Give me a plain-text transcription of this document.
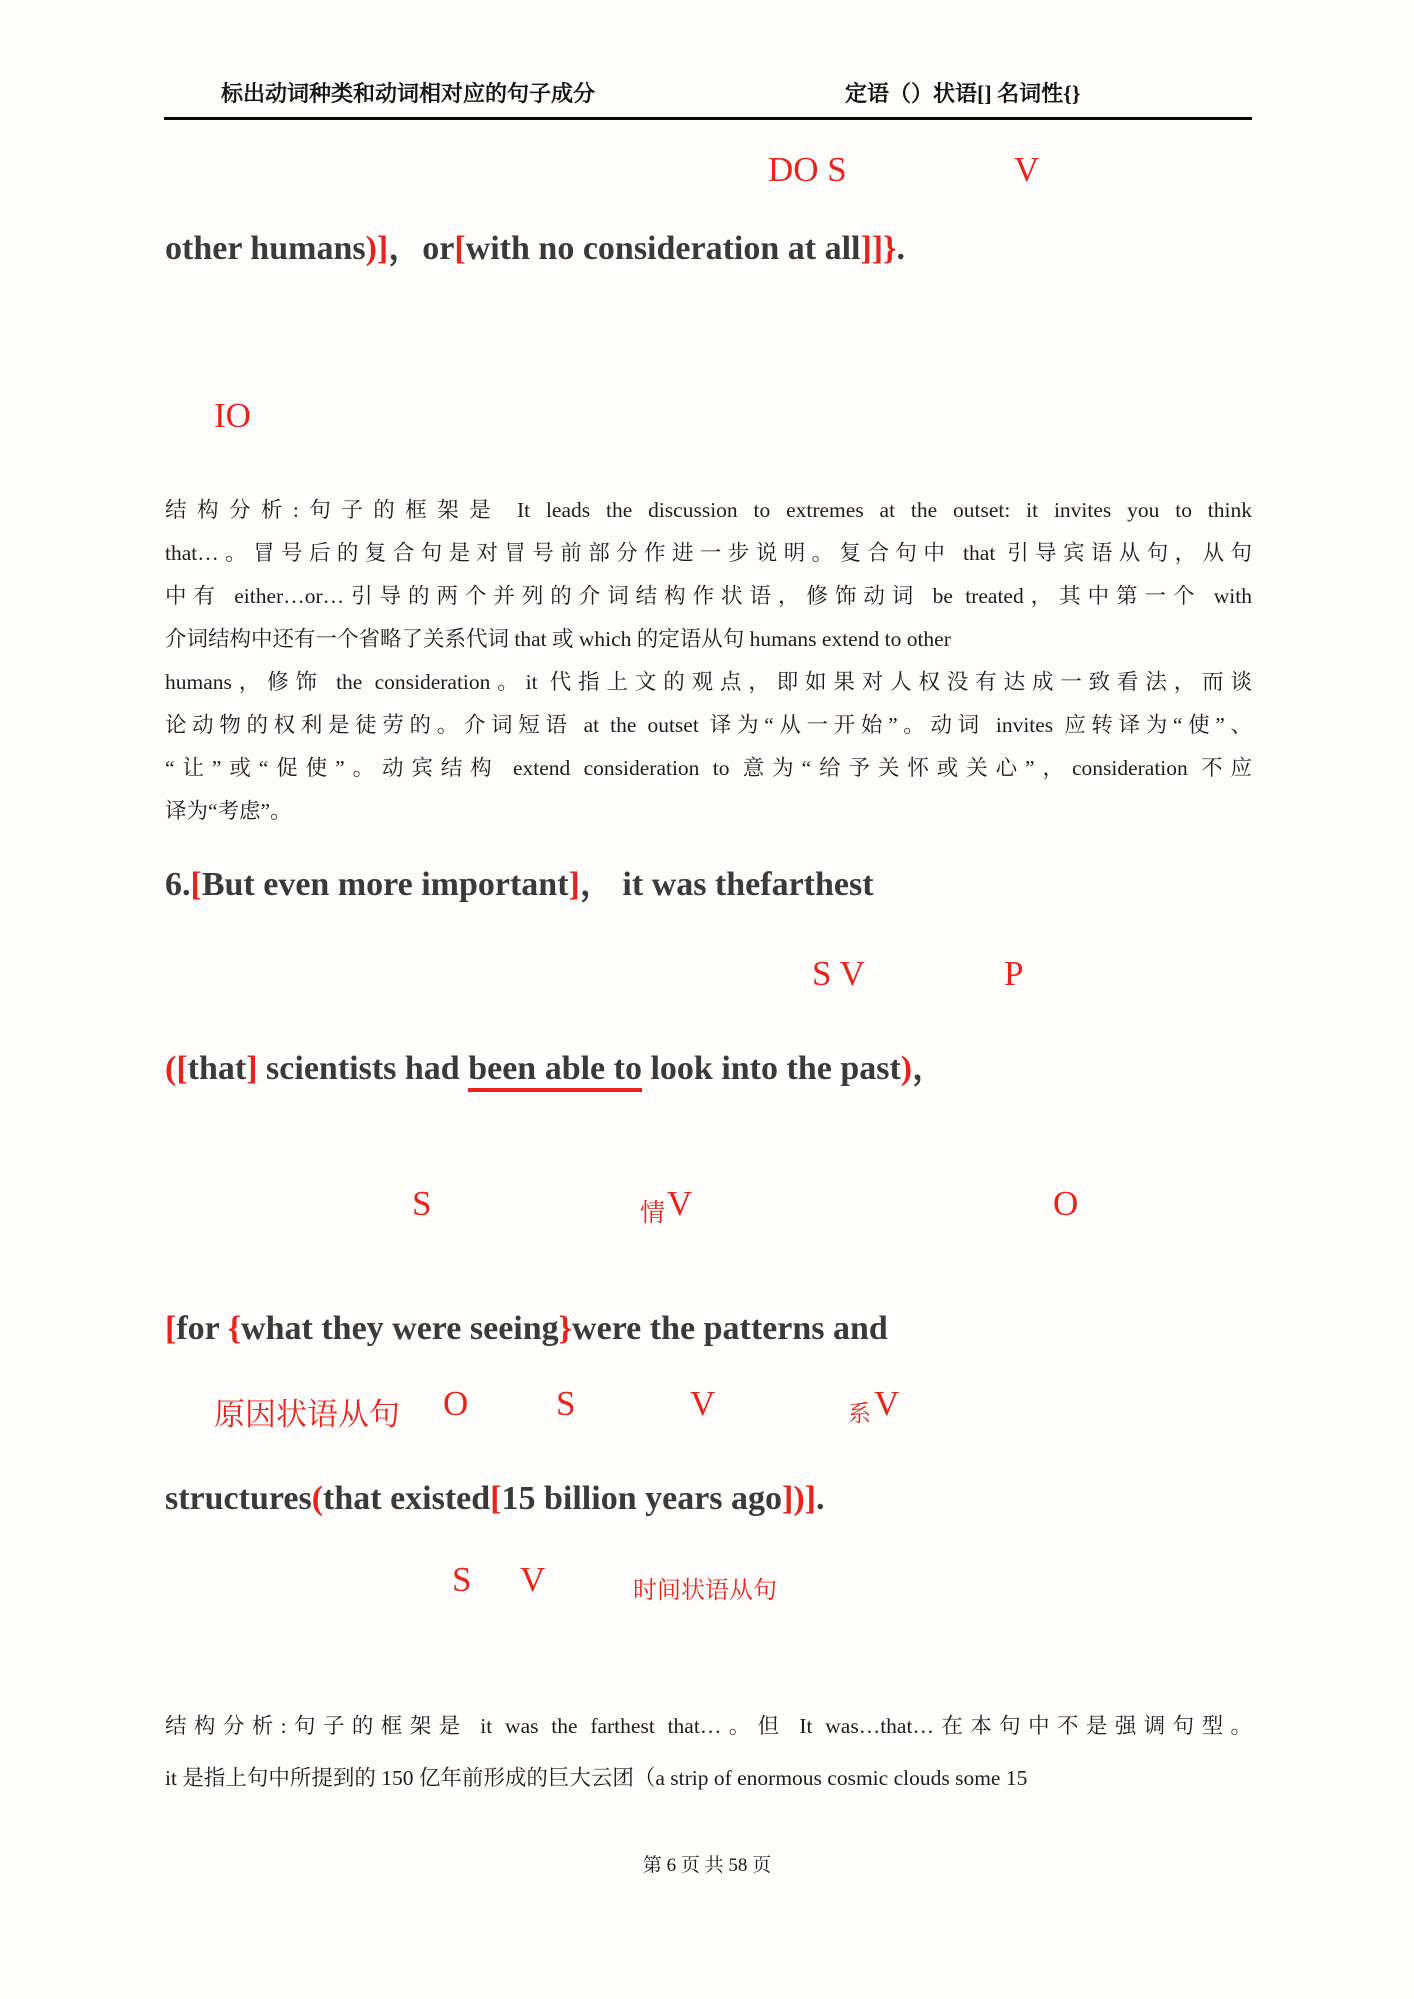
标出动词种类和动词相对应的句子成分	定语（）状语[] 名词性{}
DO S	V
other humans)]，or[with no consideration at all]]}.
IO
结构分析:句子的框架是 It leads the discussion to extremes at the outset: it invites you to think
that…。冒号后的复合句是对冒号前部分作进一步说明。复合句中 that 引导宾语从句，从句
中有 either…or…引导的两个并列的介词结构作状语，修饰动词 be treated，其中第一个 with
介词结构中还有一个省略了关系代词 that 或 which 的定语从句 humans extend to other
humans，修饰 the consideration。it 代指上文的观点，即如果对人权没有达成一致看法，而谈
论动物的权利是徒劳的。介词短语 at the outset 译为“从一开始”。动词 invites 应转译为“使”、
“让”或“促使”。动宾结构 extend consideration to 意为“给予关怀或关心”，consideration 不应
译为“考虑”。
6.[But even more important]， it was thefarthest
S V	P
([that] scientists had been able to look into the past)，
S	情 V	O
[for {what they were seeing}were the patterns and
原因状语从句 O	S	V	系 V
structures(that existed[15 billion years ago])].
S V	时间状语从句
结构分析:句子的框架是 it was the farthest that…。但 It was…that…在本句中不是强调句型。
it 是指上句中所提到的 150 亿年前形成的巨大云团（a strip of enormous cosmic clouds some 15
第 6 页 共 58 页
